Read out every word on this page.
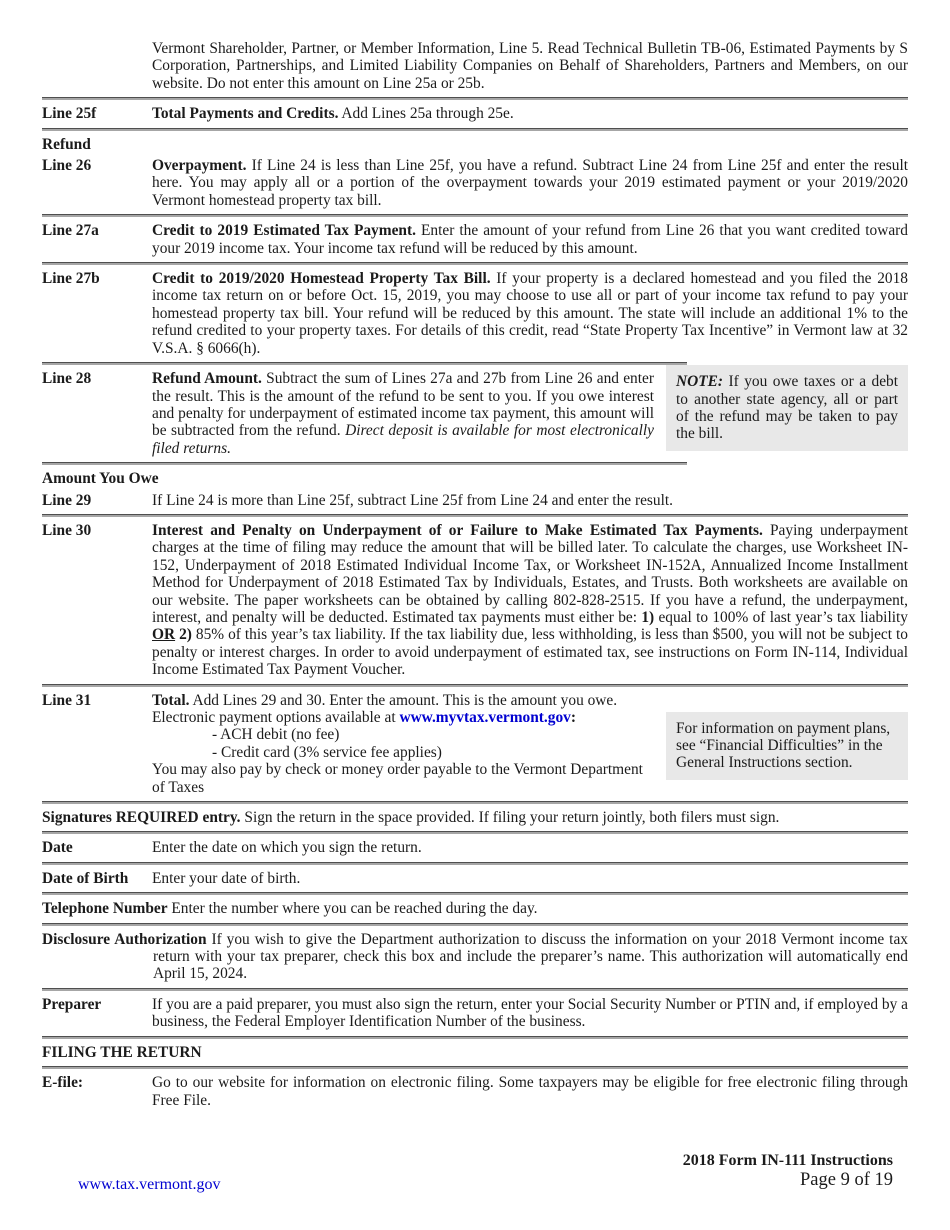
Vermont Shareholder, Partner, or Member Information, Line 5. Read Technical Bulletin TB-06, Estimated Payments by S Corporation, Partnerships, and Limited Liability Companies on Behalf of Shareholders, Partners and Members, on our website. Do not enter this amount on Line 25a or 25b.
Line 25f	Total Payments and Credits. Add Lines 25a through 25e.
Refund
Line 26	Overpayment. If Line 24 is less than Line 25f, you have a refund. Subtract Line 24 from Line 25f and enter the result here. You may apply all or a portion of the overpayment towards your 2019 estimated payment or your 2019/2020 Vermont homestead property tax bill.
Line 27a	Credit to 2019 Estimated Tax Payment. Enter the amount of your refund from Line 26 that you want credited toward your 2019 income tax. Your income tax refund will be reduced by this amount.
Line 27b	Credit to 2019/2020 Homestead Property Tax Bill. If your property is a declared homestead and you filed the 2018 income tax return on or before Oct. 15, 2019, you may choose to use all or part of your income tax refund to pay your homestead property tax bill. Your refund will be reduced by this amount. The state will include an additional 1% to the refund credited to your property taxes. For details of this credit, read “State Property Tax Incentive” in Vermont law at 32 V.S.A. § 6066(h).
Line 28	Refund Amount. Subtract the sum of Lines 27a and 27b from Line 26 and enter the result. This is the amount of the refund to be sent to you. If you owe interest and penalty for underpayment of estimated income tax payment, this amount will be subtracted from the refund. Direct deposit is available for most electronically filed returns.
NOTE: If you owe taxes or a debt to another state agency, all or part of the refund may be taken to pay the bill.
Amount You Owe
Line 29	If Line 24 is more than Line 25f, subtract Line 25f from Line 24 and enter the result.
Line 30	Interest and Penalty on Underpayment of or Failure to Make Estimated Tax Payments. Paying underpayment charges at the time of filing may reduce the amount that will be billed later. To calculate the charges, use Worksheet IN-152, Underpayment of 2018 Estimated Individual Income Tax, or Worksheet IN-152A, Annualized Income Installment Method for Underpayment of 2018 Estimated Tax by Individuals, Estates, and Trusts. Both worksheets are available on our website. The paper worksheets can be obtained by calling 802-828-2515. If you have a refund, the underpayment, interest, and penalty will be deducted. Estimated tax payments must either be: 1) equal to 100% of last year’s tax liability OR 2) 85% of this year’s tax liability. If the tax liability due, less withholding, is less than $500, you will not be subject to penalty or interest charges. In order to avoid underpayment of estimated tax, see instructions on Form IN-114, Individual Income Estimated Tax Payment Voucher.
Line 31	Total. Add Lines 29 and 30. Enter the amount. This is the amount you owe.
Electronic payment options available at www.myvtax.vermont.gov:
- ACH debit (no fee)
- Credit card (3% service fee applies)
You may also pay by check or money order payable to the Vermont Department of Taxes
For information on payment plans, see “Financial Difficulties” in the General Instructions section.
Signatures REQUIRED entry. Sign the return in the space provided. If filing your return jointly, both filers must sign.
Date	Enter the date on which you sign the return.
Date of Birth	Enter your date of birth.
Telephone Number Enter the number where you can be reached during the day.
Disclosure Authorization If you wish to give the Department authorization to discuss the information on your 2018 Vermont income tax return with your tax preparer, check this box and include the preparer’s name. This authorization will automatically end April 15, 2024.
Preparer	If you are a paid preparer, you must also sign the return, enter your Social Security Number or PTIN and, if employed by a business, the Federal Employer Identification Number of the business.
FILING THE RETURN
E-file:	Go to our website for information on electronic filing. Some taxpayers may be eligible for free electronic filing through Free File.
2018 Form IN-111 Instructions
Page 9 of 19
www.tax.vermont.gov
